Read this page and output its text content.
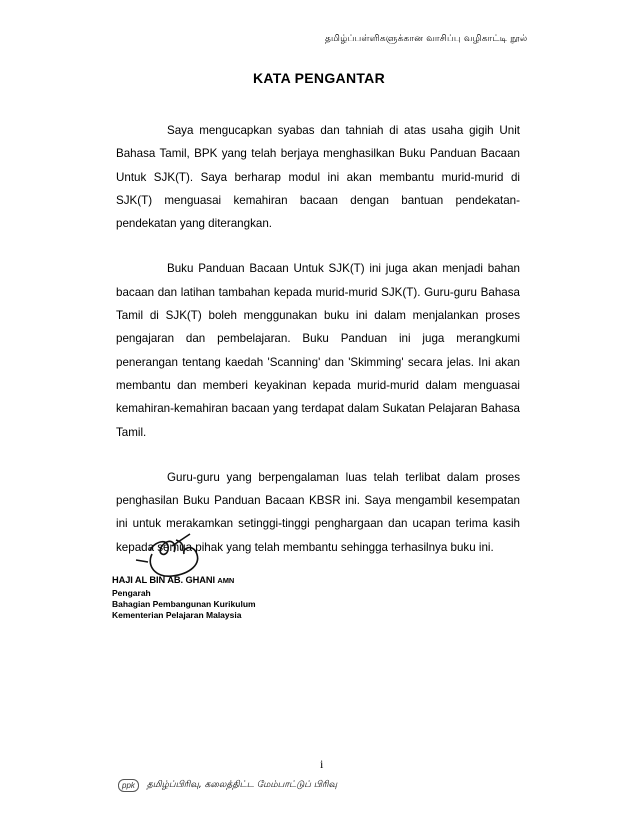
தமிழ்ப்பள்ளிகளுக்கான வாசிப்பு வழிகாட்டி நூல்
KATA PENGANTAR

Saya mengucapkan syabas dan tahniah di atas usaha gigih Unit Bahasa Tamil, BPK yang telah berjaya menghasilkan Buku Panduan Bacaan Untuk SJK(T). Saya berharap modul ini akan membantu murid-murid di SJK(T) menguasai kemahiran bacaan dengan bantuan pendekatan-pendekatan yang diterangkan.

Buku Panduan Bacaan Untuk SJK(T) ini juga akan menjadi bahan bacaan dan latihan tambahan kepada murid-murid SJK(T). Guru-guru Bahasa Tamil di SJK(T) boleh menggunakan buku ini dalam menjalankan proses pengajaran dan pembelajaran. Buku Panduan ini juga merangkumi penerangan tentang kaedah 'Scanning' dan 'Skimming' secara jelas. Ini akan membantu dan memberi keyakinan kepada murid-murid dalam menguasai kemahiran-kemahiran bacaan yang terdapat dalam Sukatan Pelajaran Bahasa Tamil.

Guru-guru yang berpengalaman luas telah terlibat dalam proses penghasilan Buku Panduan Bacaan KBSR ini. Saya mengambil kesempatan ini untuk merakamkan setinggi-tinggi penghargaan dan ucapan terima kasih kepada semua pihak yang telah membantu sehingga terhasilnya buku ini.

HAJI AL BIN AB. GHANI AMN
Pengarah
Bahagian Pembangunan Kurikulum
Kementerian Pelajaran Malaysia
i
ppk	தமிழ்ப்பிரிவு, கலைத்திட்ட மேம்பாட்டுப் பிரிவு
